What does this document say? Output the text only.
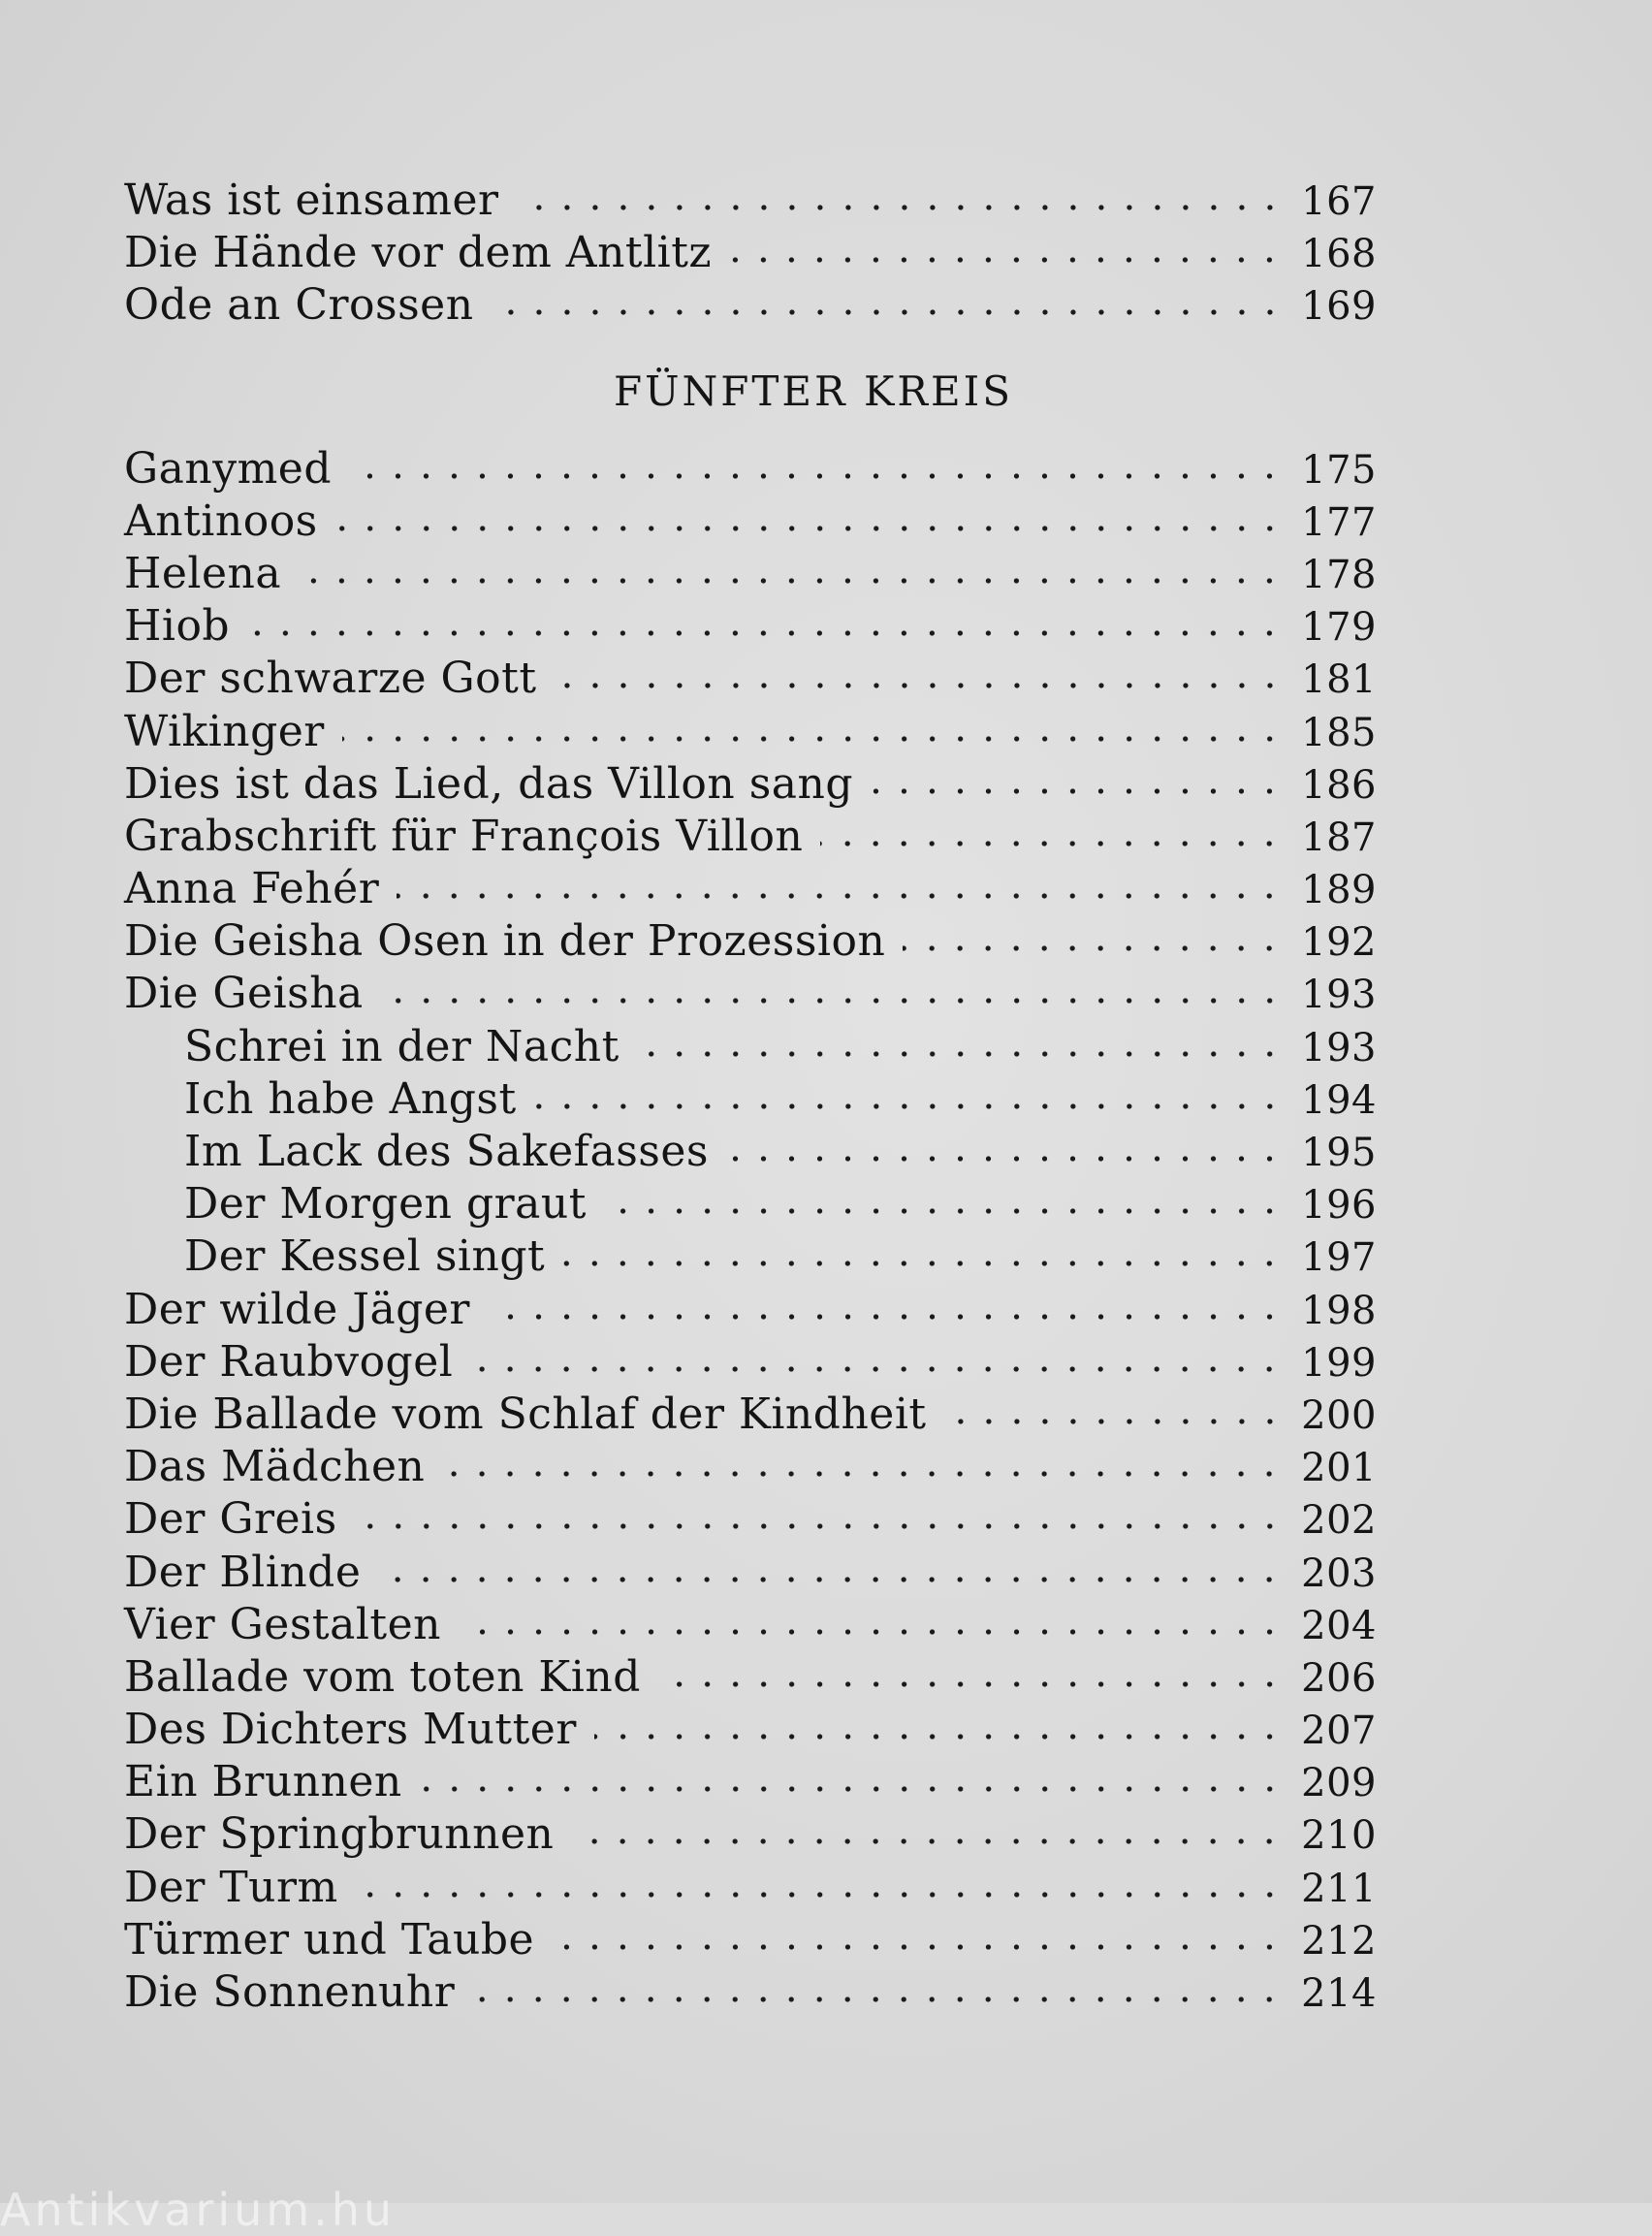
Was ist einsamer	167
Die Hände vor dem Antlitz	168
Ode an Crossen	169
FÜNFTER KREIS
Ganymed	175
Antinoos	177
Helena	178
Hiob	179
Der schwarze Gott	181
Wikinger	185
Dies ist das Lied, das Villon sang	186
Grabschrift für François Villon	187
Anna Fehér	189
Die Geisha Osen in der Prozession	192
Die Geisha	193
Schrei in der Nacht	193
Ich habe Angst	194
Im Lack des Sakefasses	195
Der Morgen graut	196
Der Kessel singt	197
Der wilde Jäger	198
Der Raubvogel	199
Die Ballade vom Schlaf der Kindheit	200
Das Mädchen	201
Der Greis	202
Der Blinde	203
Vier Gestalten	204
Ballade vom toten Kind	206
Des Dichters Mutter	207
Ein Brunnen	209
Der Springbrunnen	210
Der Turm	211
Türmer und Taube	212
Die Sonnenuhr	214
Antikvarium.hu
